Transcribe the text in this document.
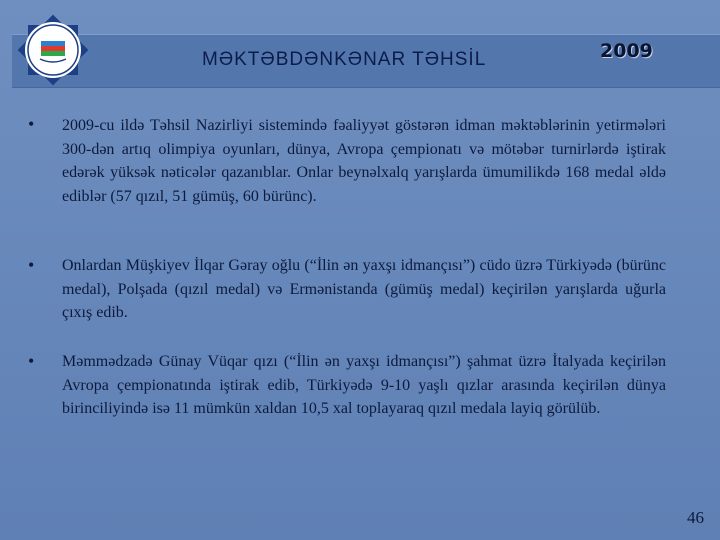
MƏKTƏBDƏNKƏNAR TƏHSİL	2009
• 2009-cu ildə Təhsil Nazirliyi sistemində fəaliyyət göstərən idman məktəblərinin yetirmələri 300-dən artıq olimpiya oyunları, dünya, Avropa çempionatı və mötəbər turnirlərdə iştirak edərək yüksək nəticələr qazanıblar. Onlar beynəlxalq yarışlarda ümumilikdə 168 medal əldə ediblər (57 qızıl, 51 gümüş, 60 bürünc).
• Onlardan Müşkiyev İlqar Gəray oğlu (“İlin ən yaxşı idmançısı”) cüdo üzrə Türkiyədə (bürünc medal), Polşada (qızıl medal) və Ermənistanda (gümüş medal) keçirilən yarışlarda uğurla çıxış edib.
• Məmmədzadə Günay Vüqar qızı (“İlin ən yaxşı idmançısı”) şahmat üzrə İtalyada keçirilən Avropa çempionatında iştirak edib, Türkiyədə 9-10 yaşlı qızlar arasında keçirilən dünya birinciliyində isə 11 mümkün xaldan 10,5 xal toplayaraq qızıl medala layiq görülüb.
46
